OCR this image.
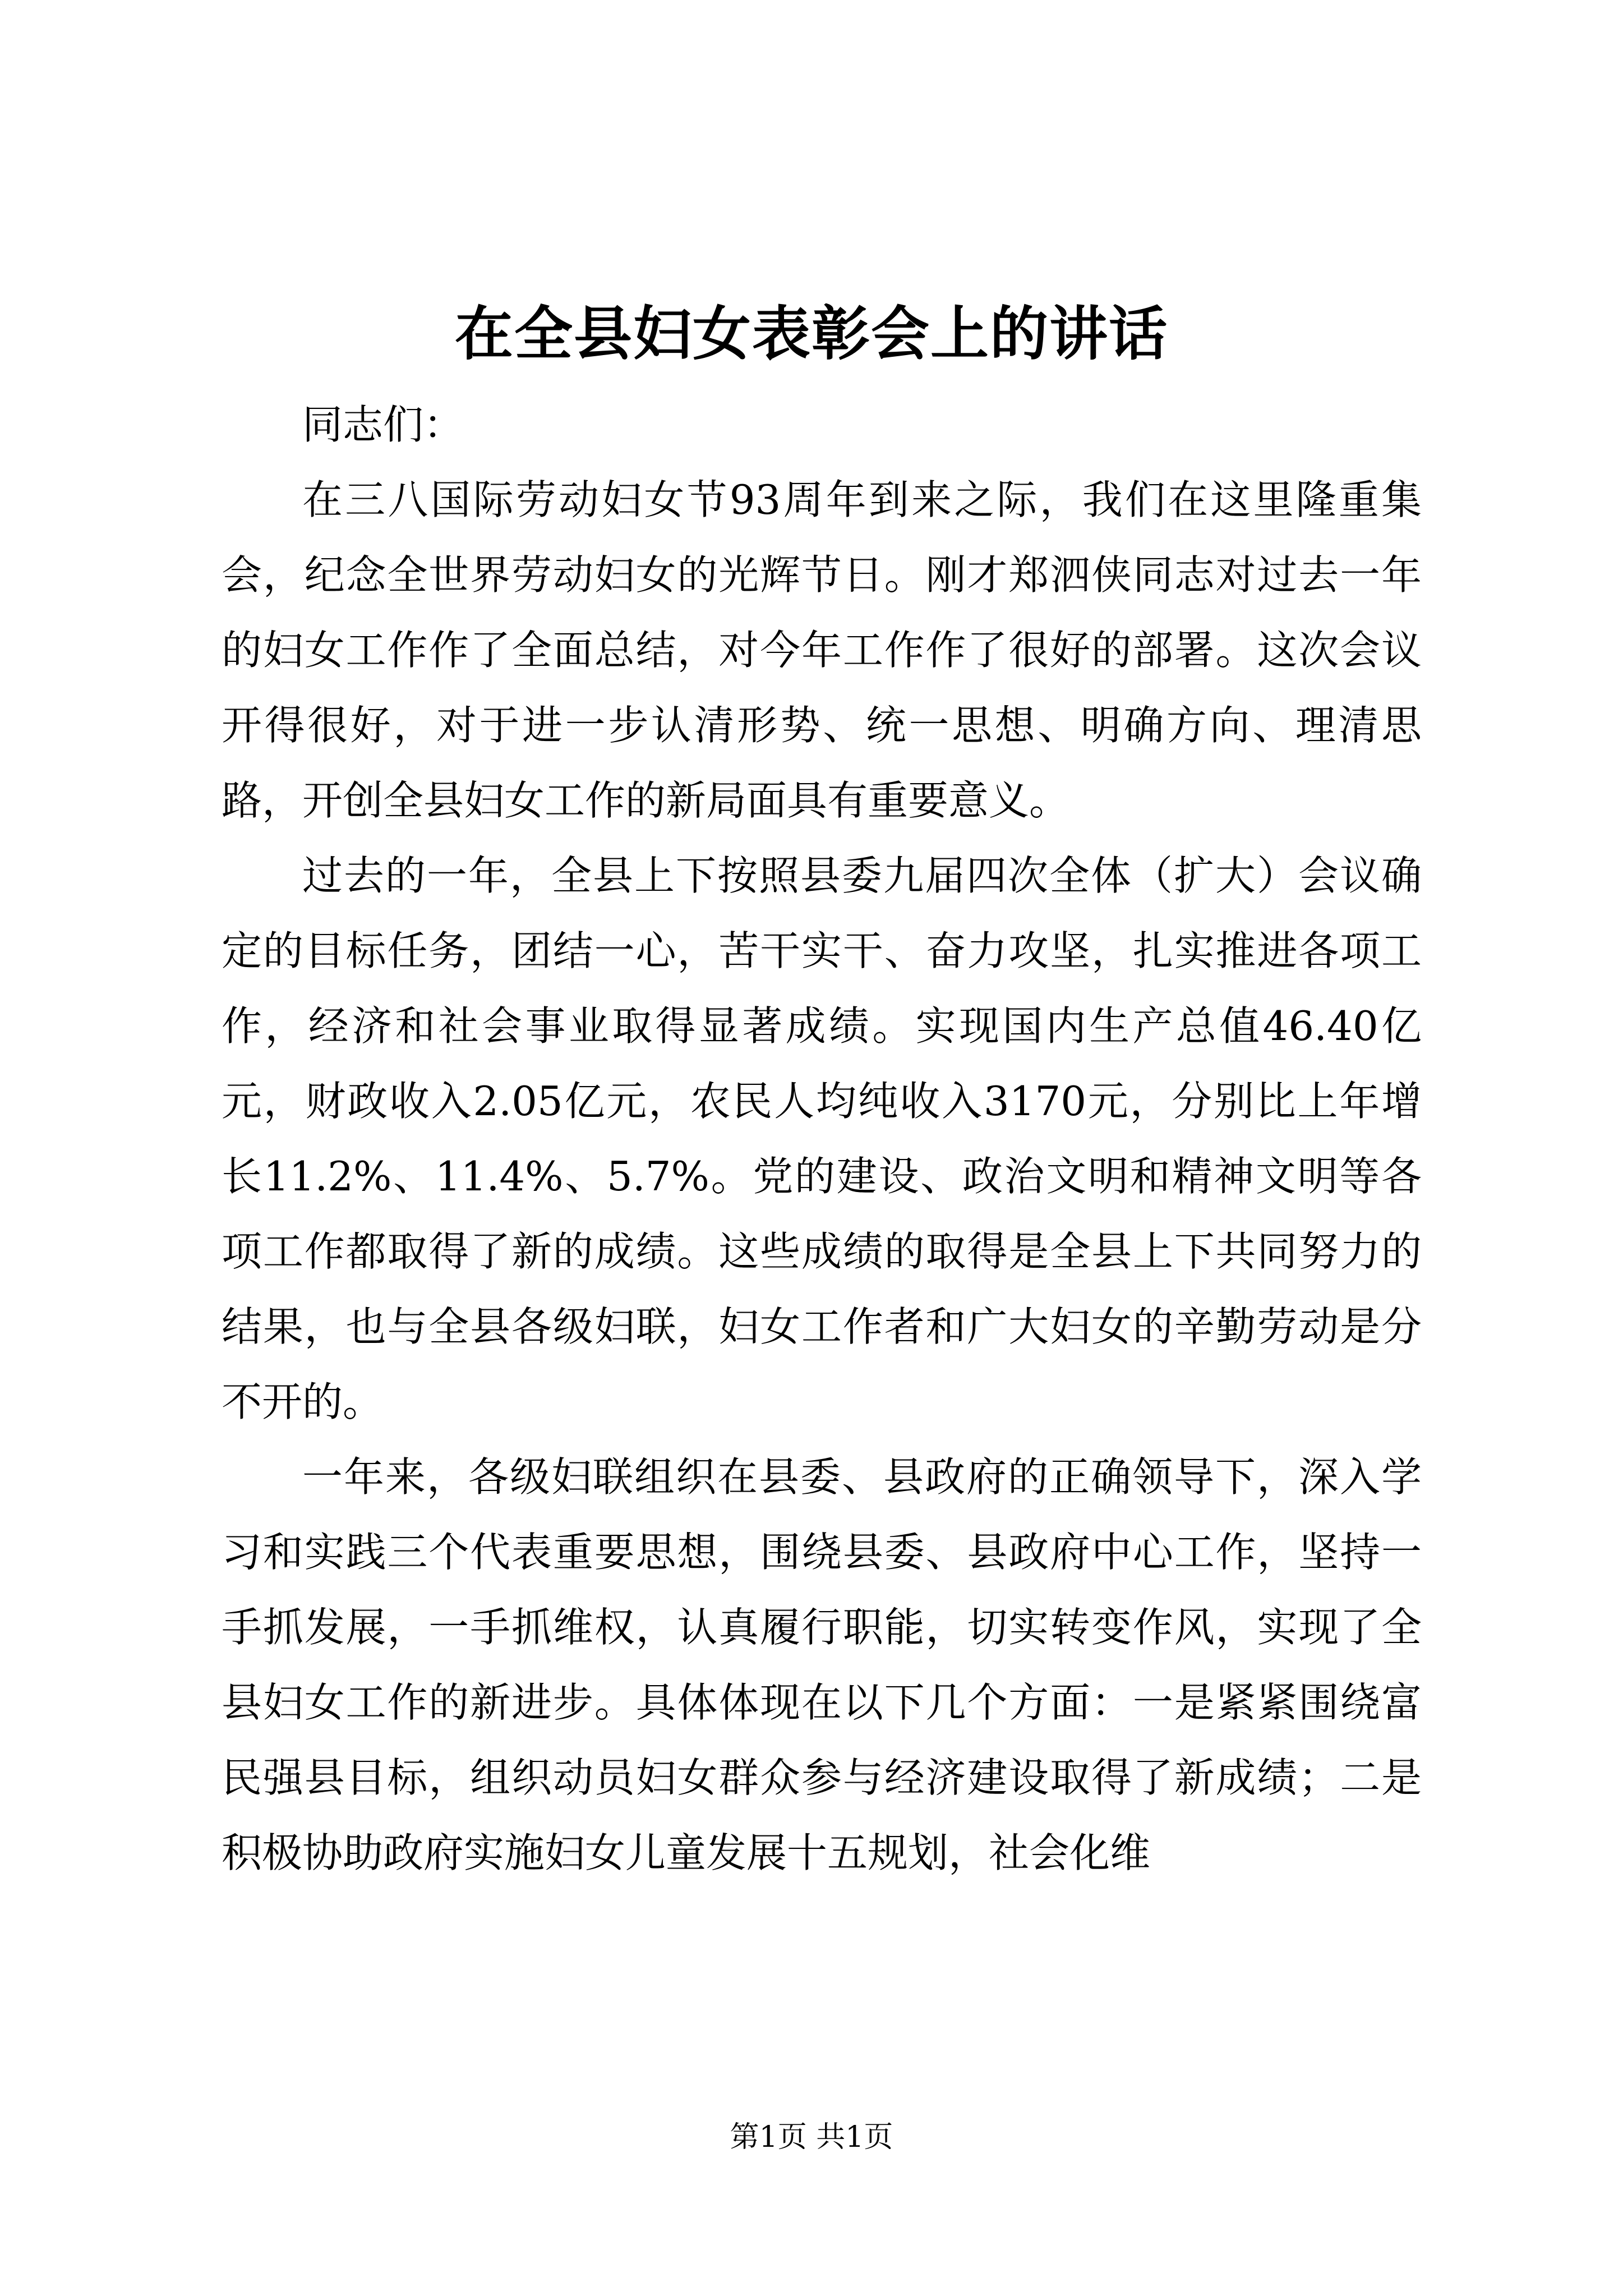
在全县妇女表彰会上的讲话

同志们：

在三八国际劳动妇女节93周年到来之际，我们在这里隆重集会，纪念全世界劳动妇女的光辉节日。刚才郑泗侠同志对过去一年的妇女工作作了全面总结，对今年工作作了很好的部署。这次会议开得很好，对于进一步认清形势、统一思想、明确方向、理清思路，开创全县妇女工作的新局面具有重要意义。

过去的一年，全县上下按照县委九届四次全体（扩大）会议确定的目标任务，团结一心，苦干实干、奋力攻坚，扎实推进各项工作，经济和社会事业取得显著成绩。实现国内生产总值46.40亿元，财政收入2.05亿元，农民人均纯收入3170元，分别比上年增长11.2%、11.4%、5.7%。党的建设、政治文明和精神文明等各项工作都取得了新的成绩。这些成绩的取得是全县上下共同努力的结果，也与全县各级妇联，妇女工作者和广大妇女的辛勤劳动是分不开的。

一年来，各级妇联组织在县委、县政府的正确领导下，深入学习和实践三个代表重要思想，围绕县委、县政府中心工作，坚持一手抓发展，一手抓维权，认真履行职能，切实转变作风，实现了全县妇女工作的新进步。具体体现在以下几个方面：一是紧紧围绕富民强县目标，组织动员妇女群众参与经济建设取得了新成绩；二是积极协助政府实施妇女儿童发展十五规划，社会化维

第1页 共1页
